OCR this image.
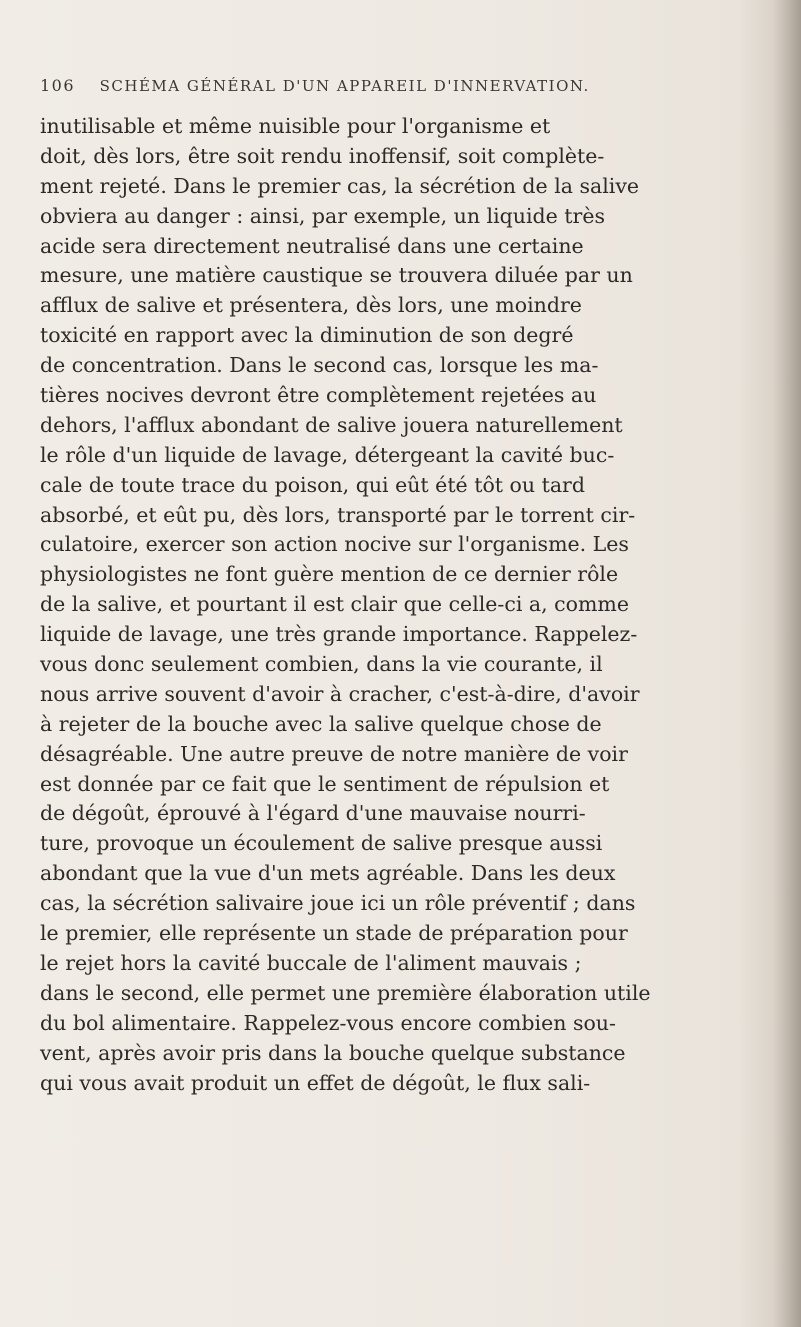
106 SCHÉMA GÉNÉRAL D'UN APPAREIL D'INNERVATION.
inutilisable et même nuisible pour l'organisme et
doit, dès lors, être soit rendu inoffensif, soit complète-
ment rejeté. Dans le premier cas, la sécrétion de la salive
obviera au danger : ainsi, par exemple, un liquide très
acide sera directement neutralisé dans une certaine
mesure, une matière caustique se trouvera diluée par un
afflux de salive et présentera, dès lors, une moindre
toxicité en rapport avec la diminution de son degré
de concentration. Dans le second cas, lorsque les ma-
tières nocives devront être complètement rejetées au
dehors, l'afflux abondant de salive jouera naturellement
le rôle d'un liquide de lavage, détergeant la cavité buc-
cale de toute trace du poison, qui eût été tôt ou tard
absorbé, et eût pu, dès lors, transporté par le torrent cir-
culatoire, exercer son action nocive sur l'organisme. Les
physiologistes ne font guère mention de ce dernier rôle
de la salive, et pourtant il est clair que celle-ci a, comme
liquide de lavage, une très grande importance. Rappelez-
vous donc seulement combien, dans la vie courante, il
nous arrive souvent d'avoir à cracher, c'est-à-dire, d'avoir
à rejeter de la bouche avec la salive quelque chose de
désagréable. Une autre preuve de notre manière de voir
est donnée par ce fait que le sentiment de répulsion et
de dégoût, éprouvé à l'égard d'une mauvaise nourri-
ture, provoque un écoulement de salive presque aussi
abondant que la vue d'un mets agréable. Dans les deux
cas, la sécrétion salivaire joue ici un rôle préventif ; dans
le premier, elle représente un stade de préparation pour
le rejet hors la cavité buccale de l'aliment mauvais ;
dans le second, elle permet une première élaboration utile
du bol alimentaire. Rappelez-vous encore combien sou-
vent, après avoir pris dans la bouche quelque substance
qui vous avait produit un effet de dégoût, le flux sali-
